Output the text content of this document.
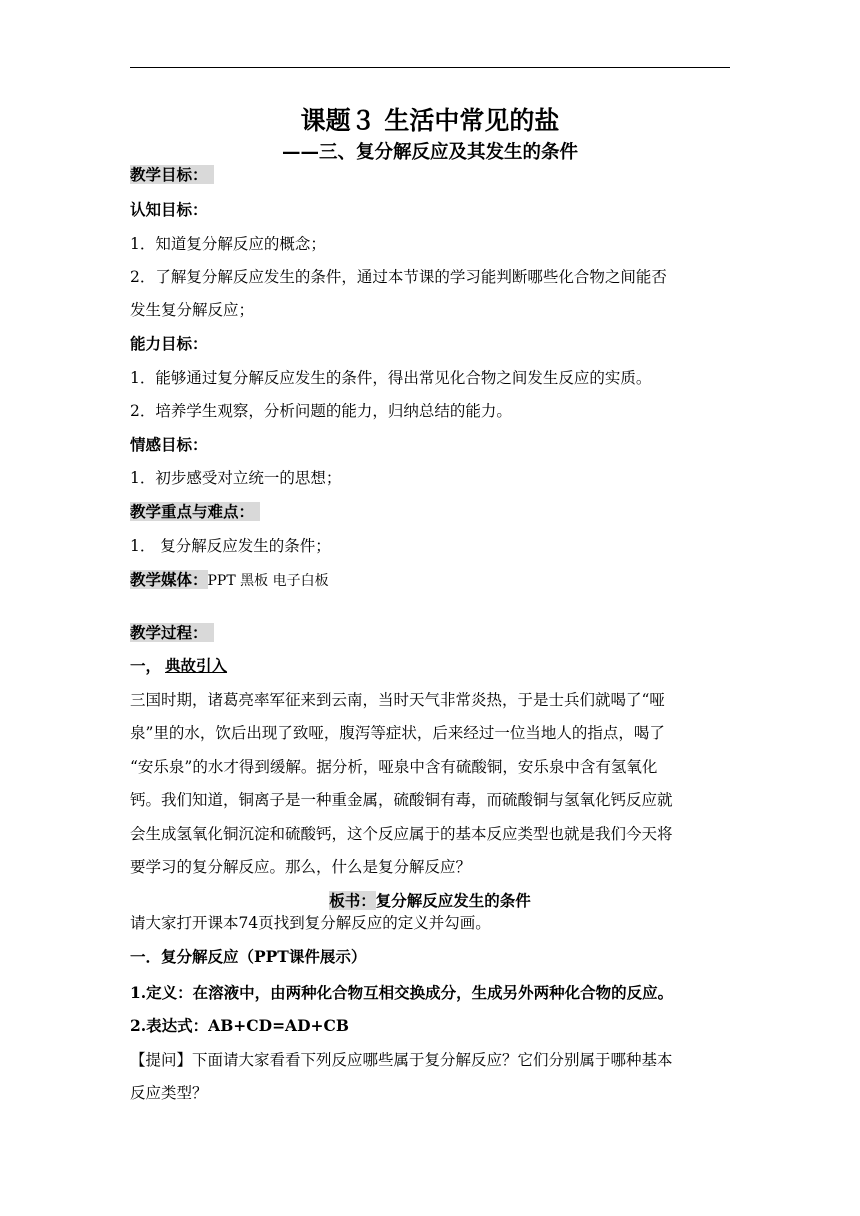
课题３ 生活中常见的盐
——三、复分解反应及其发生的条件
教学目标：
认知目标：
1．知道复分解反应的概念；
2．了解复分解反应发生的条件，通过本节课的学习能判断哪些化合物之间能否
发生复分解反应；
能力目标：
1．能够通过复分解反应发生的条件，得出常见化合物之间发生反应的实质。
2．培养学生观察，分析问题的能力，归纳总结的能力。
情感目标：
1．初步感受对立统一的思想；
教学重点与难点：
1． 复分解反应发生的条件；
教学媒体：PPT 黑板 电子白板
教学过程：
一， 典故引入
三国时期，诸葛亮率军征来到云南，当时天气非常炎热，于是士兵们就喝了“哑
泉”里的水，饮后出现了致哑，腹泻等症状，后来经过一位当地人的指点，喝了
“安乐泉”的水才得到缓解。据分析，哑泉中含有硫酸铜，安乐泉中含有氢氧化
钙。我们知道，铜离子是一种重金属，硫酸铜有毒，而硫酸铜与氢氧化钙反应就
会生成氢氧化铜沉淀和硫酸钙，这个反应属于的基本反应类型也就是我们今天将
要学习的复分解反应。那么，什么是复分解反应？
板书：复分解反应发生的条件
请大家打开课本74页找到复分解反应的定义并勾画。
一．复分解反应（PPT课件展示）
1.定义：在溶液中，由两种化合物互相交换成分，生成另外两种化合物的反应。
2.表达式：AB+CD=AD+CB
【提问】下面请大家看看下列反应哪些属于复分解反应？它们分别属于哪种基本
反应类型？
